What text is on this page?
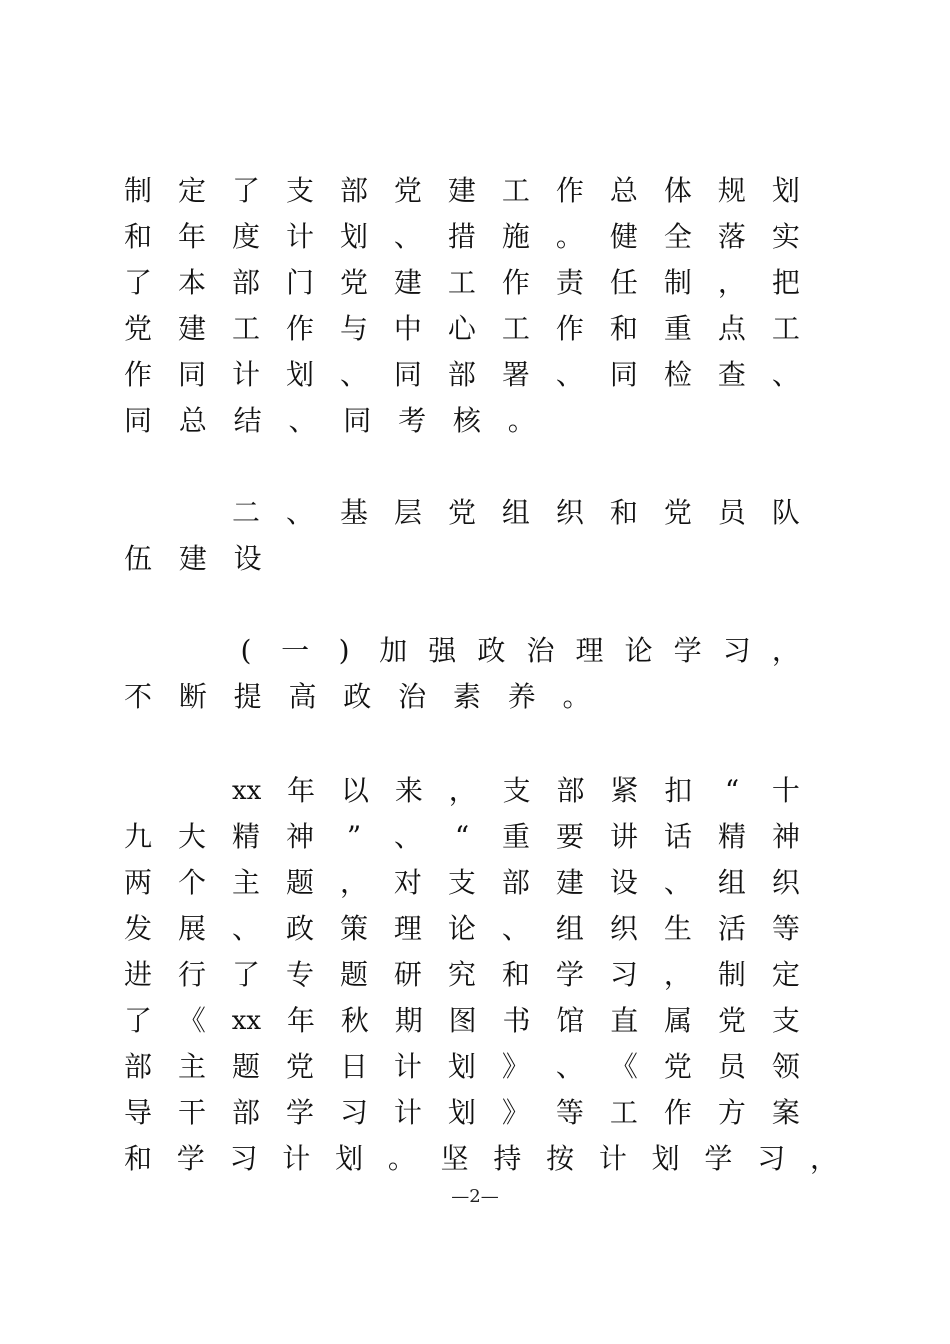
制 定 了 支 部 党 建 工 作 总 体 规 划
和 年 度 计 划 、 措 施 。 健 全 落 实
了 本 部 门 党 建 工 作 责 任 制 ， 把
党 建 工 作 与 中 心 工 作 和 重 点 工
作 同 计 划 、 同 部 署 、 同 检 查 、
同 总 结 、 同 考 核 。
二 、 基 层 党 组 织 和 党 员 队
伍 建 设
(	一	)	加 强 政 治 理 论 学 习 ，
不 断 提 高 政 治 素 养 。
xx 年 以 来 ， 支 部 紧 扣 “ 十
九 大 精 神 ” 、 “ 重 要 讲 话 精 神
两 个 主 题 ， 对 支 部 建 设 、 组 织
发 展 、 政 策 理 论 、 组 织 生 活 等
进 行 了 专 题 研 究 和 学 习 ， 制 定
了 《 xx 年 秋 期 图 书 馆 直 属 党 支
部 主 题 党 日 计 划 》 、 《 党 员 领
导 干 部 学 习 计 划 》 等 工 作 方 案
和 学 习 计 划 。 坚 持 按 计 划 学 习 ，
—2—
